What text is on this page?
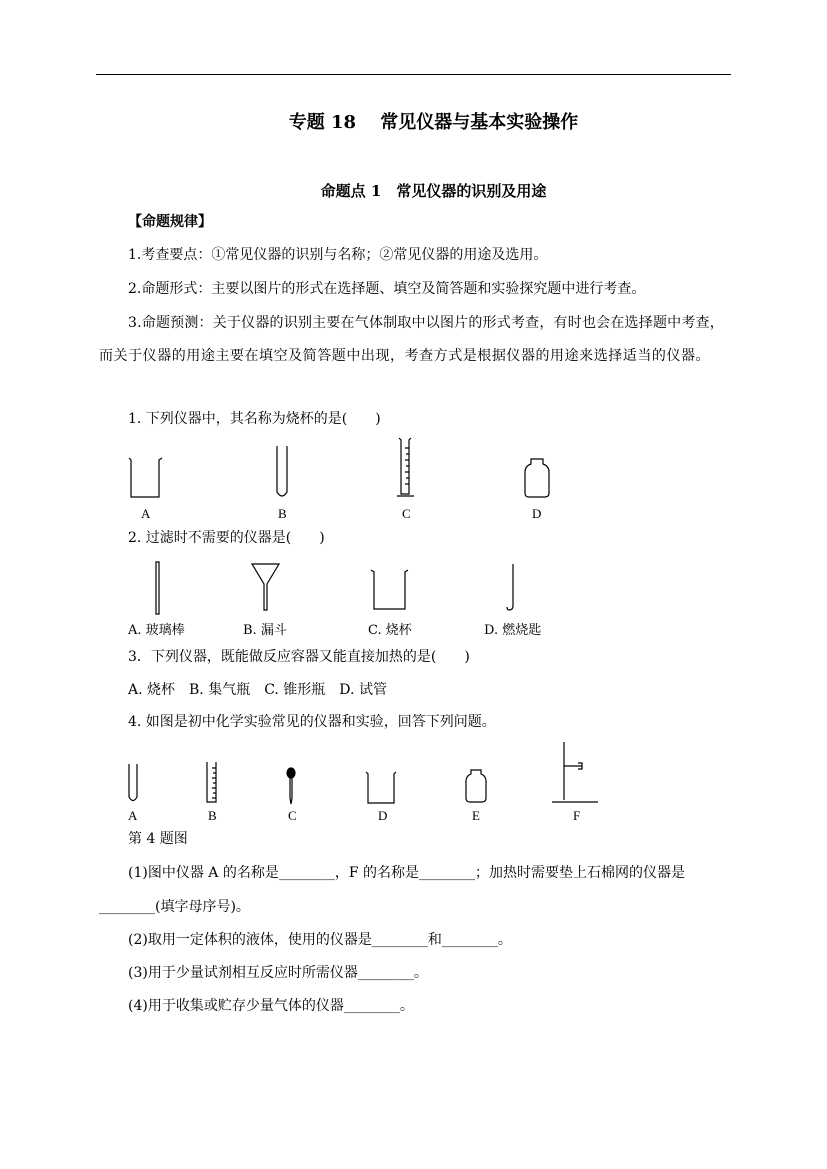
专题 18　 常见仪器与基本实验操作
命题点 1　常见仪器的识别及用途
【命题规律】
1.考查要点：①常见仪器的识别与名称；②常见仪器的用途及选用。
2.命题形式：主要以图片的形式在选择题、填空及简答题和实验探究题中进行考查。
3.命题预测：关于仪器的识别主要在气体制取中以图片的形式考查，有时也会在选择题中考查，
而关于仪器的用途主要在填空及简答题中出现，考查方式是根据仪器的用途来选择适当的仪器。
1. 下列仪器中，其名称为烧杯的是(　　)
A	B	C	D
2. 过滤时不需要的仪器是(　　)
A. 玻璃棒	B. 漏斗	C. 烧杯	D. 燃烧匙
3．下列仪器，既能做反应容器又能直接加热的是(　　)
A. 烧杯　B. 集气瓶　C. 锥形瓶　D. 试管
4. 如图是初中化学实验常见的仪器和实验，回答下列问题。
A	B	C	D	E	F
第 4 题图
(1)图中仪器 A 的名称是________，F 的名称是________；加热时需要垫上石棉网的仪器是
________(填字母序号)。
(2)取用一定体积的液体，使用的仪器是________和________。
(3)用于少量试剂相互反应时所需仪器________。
(4)用于收集或贮存少量气体的仪器________。
